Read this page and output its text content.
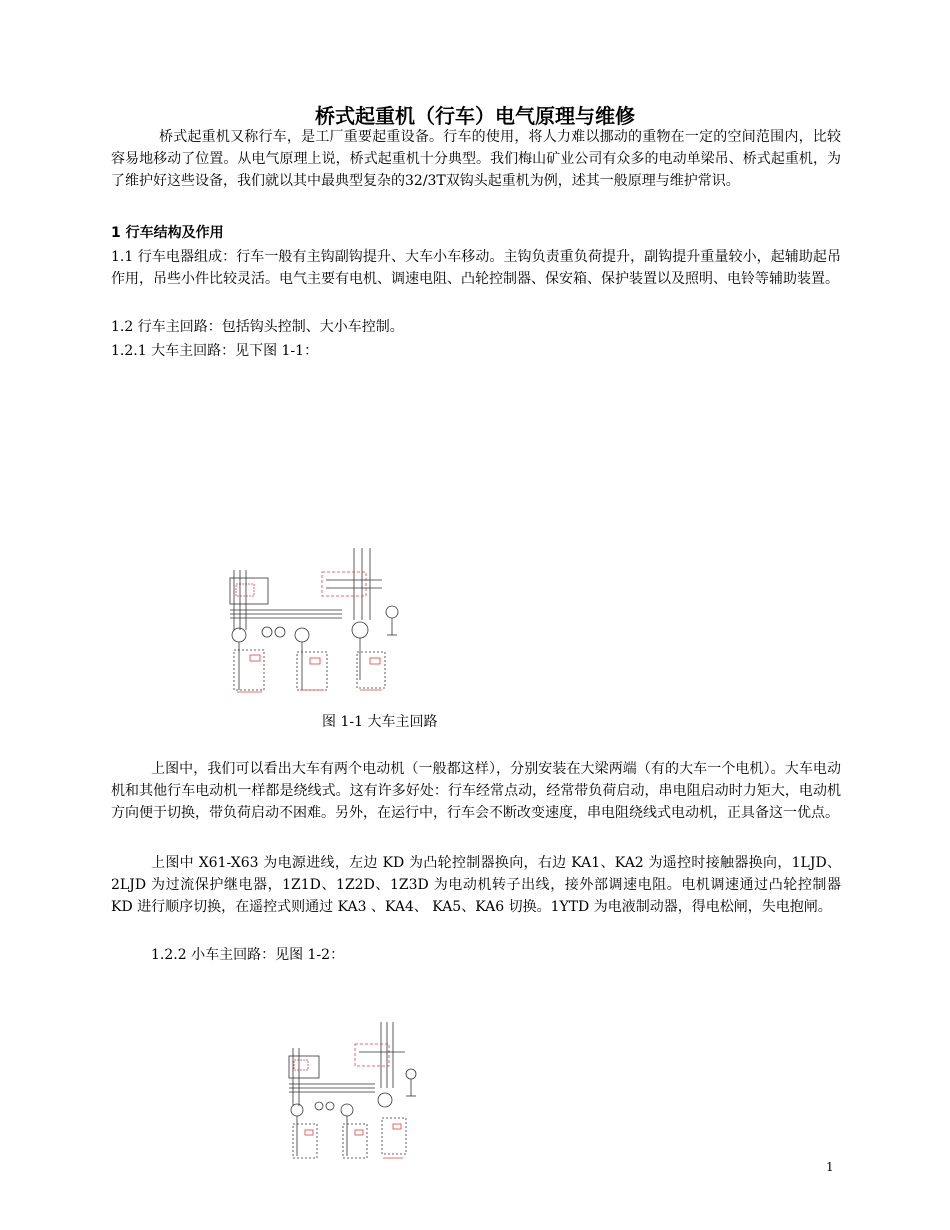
桥式起重机（行车）电气原理与维修

桥式起重机又称行车，是工厂重要起重设备。行车的使用，将人力难以挪动的重物在一定的空间范围内，比较容易地移动了位置。从电气原理上说，桥式起重机十分典型。我们梅山矿业公司有众多的电动单梁吊、桥式起重机，为了维护好这些设备，我们就以其中最典型复杂的32/3T双钩头起重机为例，述其一般原理与维护常识。

1 行车结构及作用

1.1 行车电器组成：行车一般有主钩副钩提升、大车小车移动。主钩负责重负荷提升，副钩提升重量较小，起辅助起吊作用，吊些小件比较灵活。电气主要有电机、调速电阻、凸轮控制器、保安箱、保护装置以及照明、电铃等辅助装置。

1.2 行车主回路：包括钩头控制、大小车控制。
1.2.1 大车主回路：见下图 1-1：
图 1-1 大车主回路

上图中，我们可以看出大车有两个电动机（一般都这样），分别安装在大梁两端（有的大车一个电机）。大车电动机和其他行车电动机一样都是绕线式。这有许多好处：行车经常点动，经常带负荷启动，串电阻启动时力矩大，电动机方向便于切换，带负荷启动不困难。另外，在运行中，行车会不断改变速度，串电阻绕线式电动机，正具备这一优点。

上图中 X61-X63 为电源进线，左边 KD 为凸轮控制器换向，右边 KA1、KA2 为遥控时接触器换向，1LJD、2LJD 为过流保护继电器，1Z1D、1Z2D、1Z3D 为电动机转子出线，接外部调速电阻。电机调速通过凸轮控制器 KD 进行顺序切换，在遥控式则通过 KA3 、KA4、 KA5、KA6 切换。1YTD 为电液制动器，得电松闸，失电抱闸。

1.2.2 小车主回路：见图 1-2：
1
